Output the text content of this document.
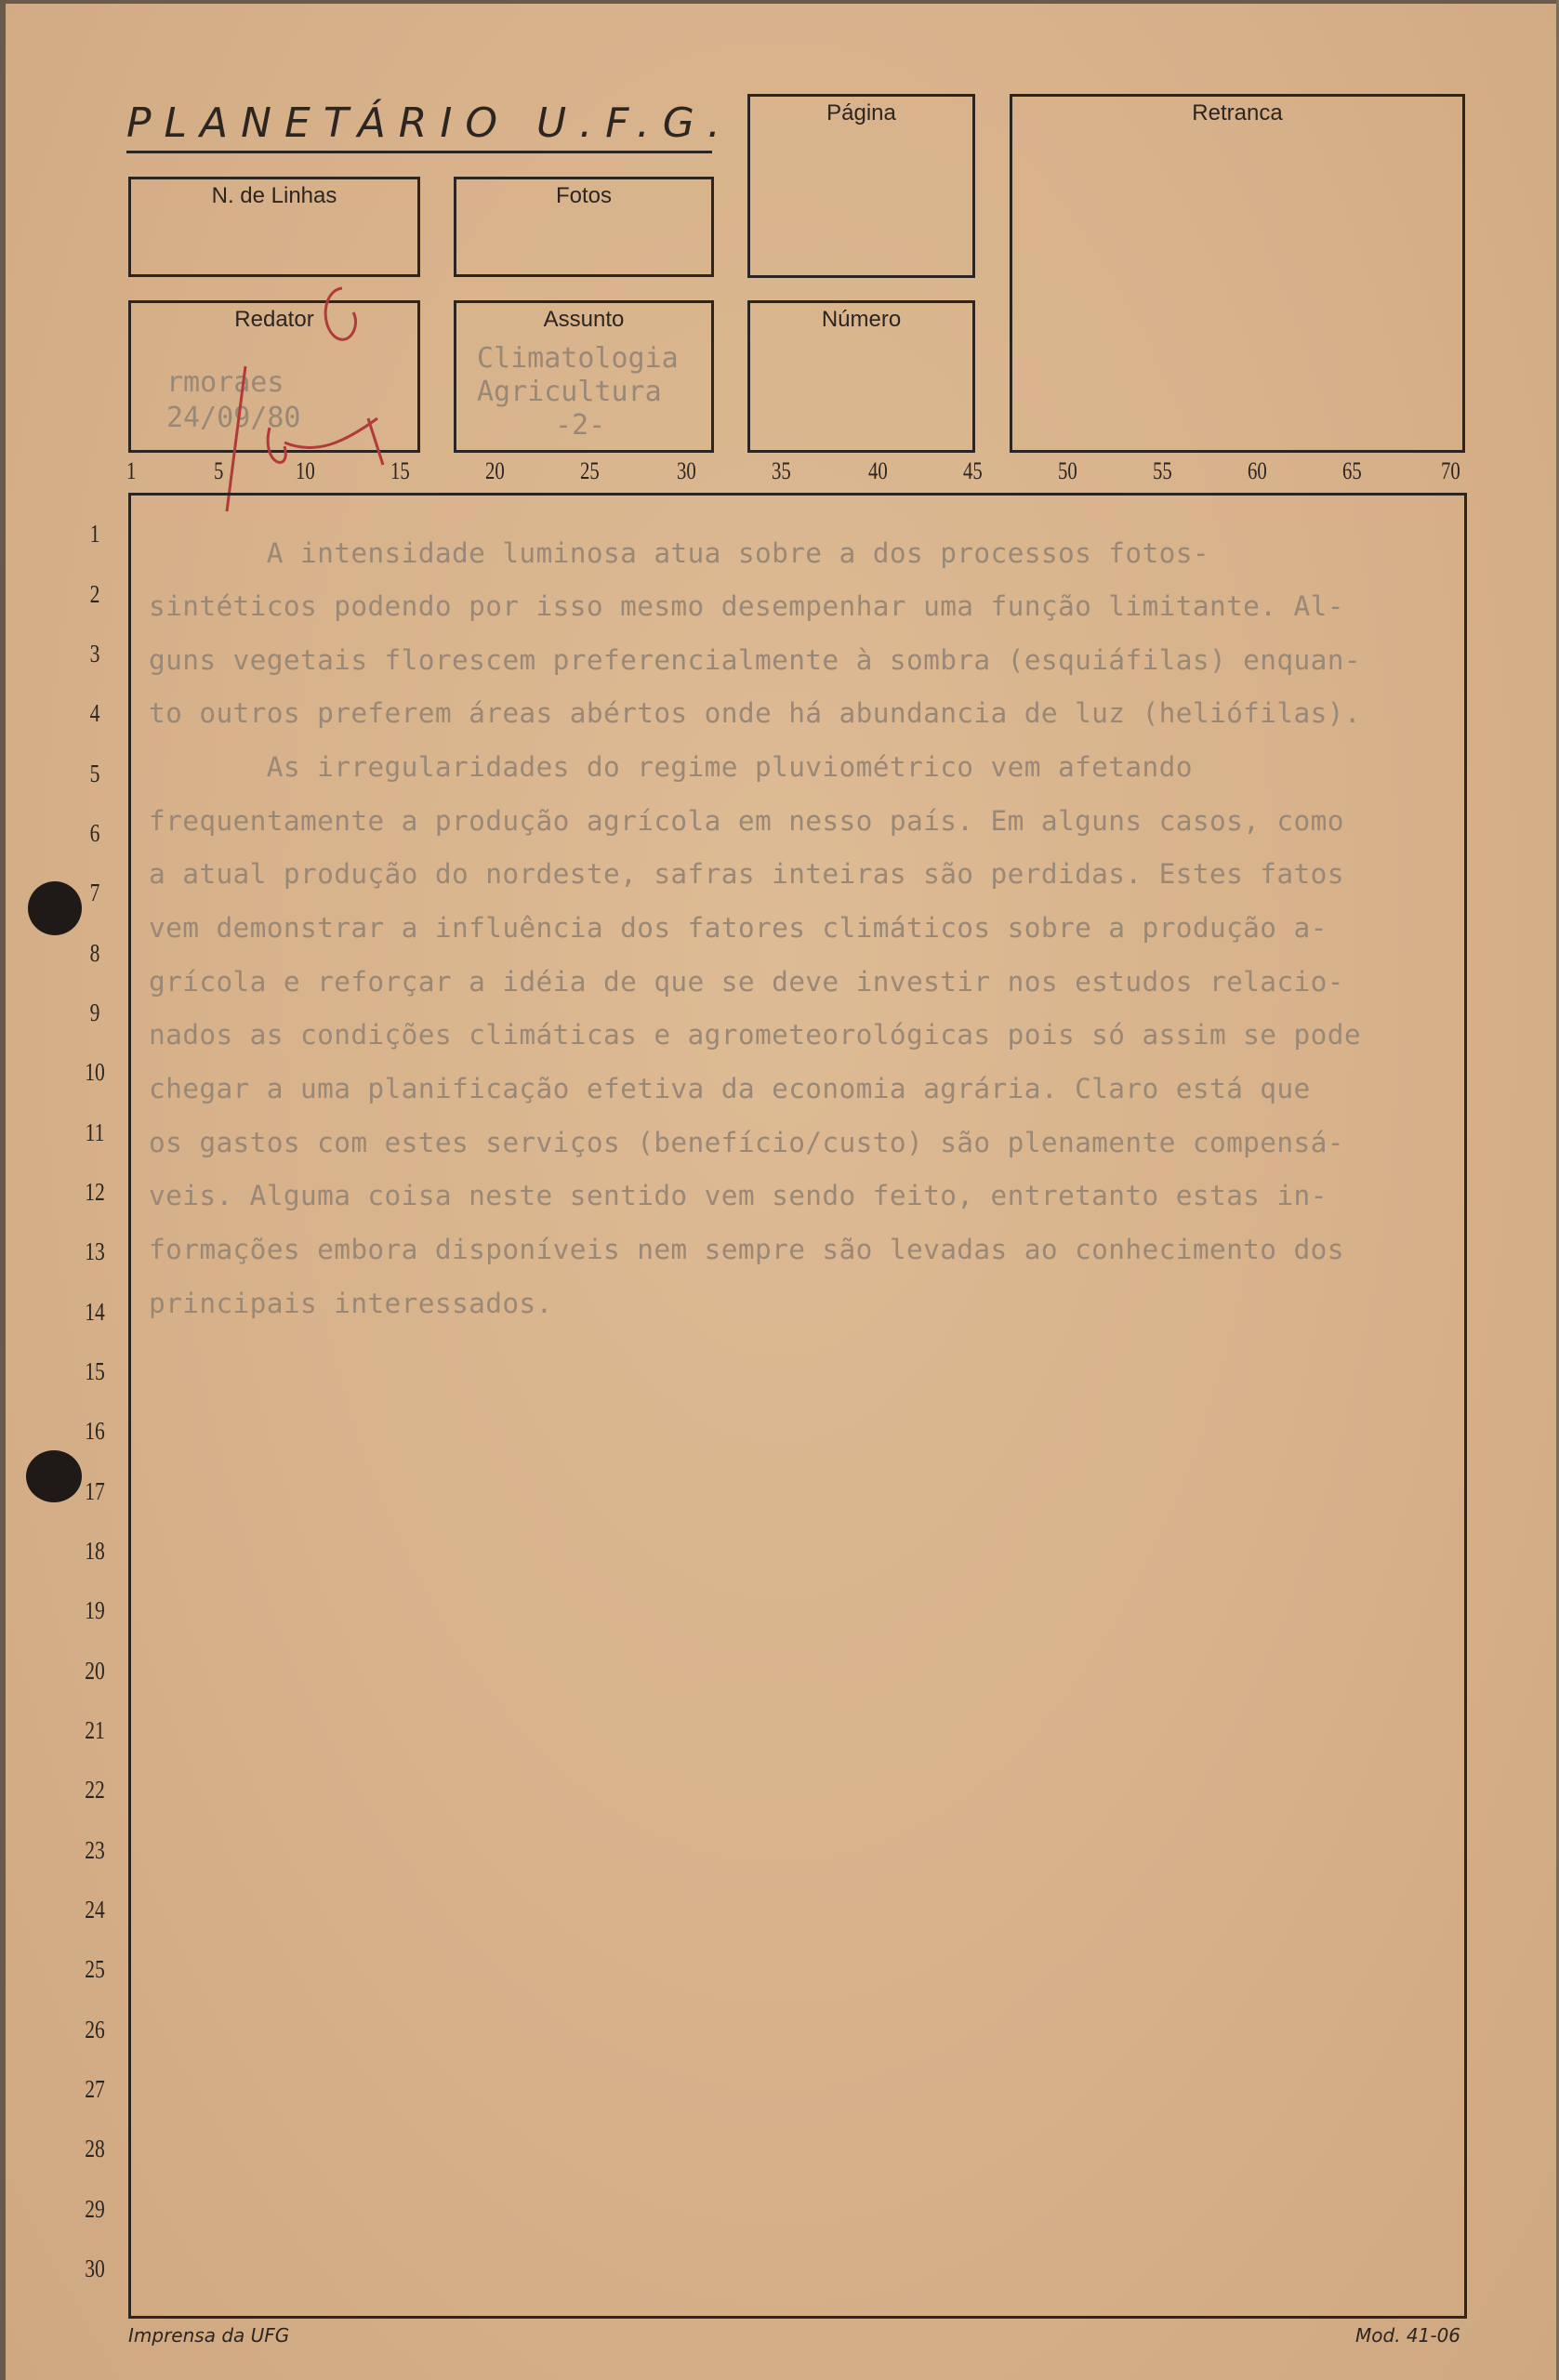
PLANETÁRIO U.F.G.	Página	Retranca
N. de Linhas	Fotos
Redator
rmoraes
24/09/80
Assunto
Climatologia
Agricultura
-2-
Número
1	5	10	15	20	25	30	35	40	45	50	55	60	65	70
1
2
3
4
5
6
7
8
9
10
11
12
13
14
15
16
17
18
19
20
21
22
23
24
25
26
27
28
29
30
A intensidade luminosa atua sobre a dos processos fotos-
sintéticos podendo por isso mesmo desempenhar uma função limitante. Al-
guns vegetais florescem preferencialmente à sombra (esquiáfilas) enquan-
to outros preferem áreas abértos onde há abundancia de luz (heliófilas).
As irregularidades do regime pluviométrico vem afetando
frequentamente a produção agrícola em nesso país. Em alguns casos, como
a atual produção do nordeste, safras inteiras são perdidas. Estes fatos
vem demonstrar a influência dos fatores climáticos sobre a produção a-
grícola e reforçar a idéia de que se deve investir nos estudos relacio-
nados as condições climáticas e agrometeorológicas pois só assim se pode
chegar a uma planificação efetiva da economia agrária. Claro está que
os gastos com estes serviços (benefício/custo) são plenamente compensá-
veis. Alguma coisa neste sentido vem sendo feito, entretanto estas in-
formações embora disponíveis nem sempre são levadas ao conhecimento dos
principais interessados.
Imprensa da UFG	Mod. 41-06
